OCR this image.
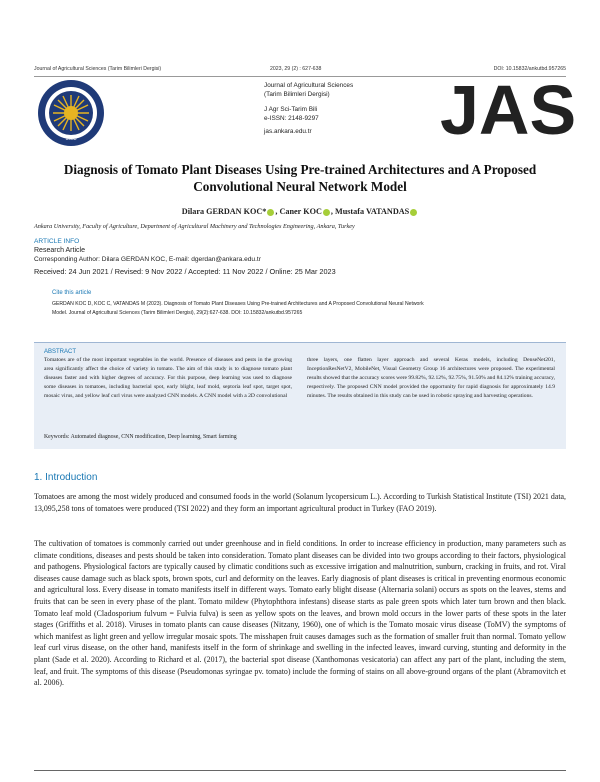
Journal of Agricultural Sciences (Tarim Bilimleri Dergisi)	2023, 29 (2) : 627-638	DOI: 10.15832/ankutbd.957265
1933
Journal of Agricultural Sciences
(Tarim Bilimleri Dergisi)
J Agr Sci-Tarim Bili
e-ISSN: 2148-9297
jas.ankara.edu.tr	JAS
Diagnosis of Tomato Plant Diseases Using Pre-trained Architectures and A Proposed Convolutional Neural Network Model
Dilara GERDAN KOC* , Caner KOC , Mustafa VATANDAS
Ankara University, Faculty of Agriculture, Department of Agricultural Machinery and Technologies Engineering, Ankara, Turkey
ARTICLE INFO
Research Article
Corresponding Author: Dilara GERDAN KOC, E-mail: dgerdan@ankara.edu.tr
Received: 24 Jun 2021 / Revised: 9 Nov 2022 / Accepted: 11 Nov 2022 / Online: 25 Mar 2023
Cite this article
GERDAN KOC D, KOC C, VATANDAS M (2023). Diagnosis of Tomato Plant Diseases Using Pre-trained Architectures and A Proposed Convolutional Neural Network
Model. Journal of Agricultural Sciences (Tarim Bilimleri Dergisi), 29(2):627-638. DOI: 10.15832/ankutbd.957265
ABSTRACT
Tomatoes are of the most important vegetables in the world. Presence of diseases and pests in the growing area significantly affect the choice of variety in tomato. The aim of this study is to diagnose tomato plant diseases faster and with higher degrees of accuracy. For this purpose, deep learning was used to diagnose some diseases in tomatoes, including bacterial spot, early blight, leaf mold, septoria leaf spot, target spot, mosaic virus, and yellow leaf curl virus were analyzed CNN models. A CNN model with a 2D convolutional
three layers, one flatten layer approach and several Keras models, including DenseNet201, InceptionResNetV2, MobileNet, Visual Geometry Group 16 architectures were proposed. The experimental results showed that the accuracy scores were 99.82%, 92.12%, 92.75%, 91.50% and 84.12% training accuracy, respectively. The proposed CNN model provided the opportunity for rapid diagnosis for approximately 14.9 minutes. The results obtained in this study can be used in robotic spraying and harvesting operations.
Keywords: Automated diagnose, CNN modification, Deep learning, Smart farming
1. Introduction
Tomatoes are among the most widely produced and consumed foods in the world (Solanum lycopersicum L.). According to Turkish Statistical Institute (TSI) 2021 data, 13,095,258 tons of tomatoes were produced (TSI 2022) and they form an important agricultural product in Turkey (FAO 2019).
The cultivation of tomatoes is commonly carried out under greenhouse and in field conditions. In order to increase efficiency in production, many parameters such as climate conditions, diseases and pests should be taken into consideration. Tomato plant diseases can be divided into two groups according to their factors, physiological and pathogens. Physiological factors are typically caused by climatic conditions such as excessive irrigation and malnutrition, sunburn, cracking in fruits, and rot. Viral diseases cause damage such as black spots, brown spots, curl and deformity on the leaves. Early diagnosis of plant diseases is critical in preventing enormous economic and agricultural loss. Every disease in tomato manifests itself in different ways. Tomato early blight disease (Alternaria solani) occurs as spots on the leaves, stems and fruits that can be seen in every phase of the plant. Tomato mildew (Phytophthora infestans) disease starts as pale green spots which later turn brown and then black. Tomato leaf mold (Cladosporium fulvum = Fulvia fulva) is seen as yellow spots on the leaves, and brown mold occurs in the lower parts of these spots in the later stages (Griffiths et al. 2018). Viruses in tomato plants can cause diseases (Nitzany, 1960), one of which is the Tomato mosaic virus disease (ToMV) the symptoms of which manifest as light green and yellow irregular mosaic spots. The misshapen fruit causes damages such as the formation of smaller fruit than normal. Tomato yellow leaf curl virus disease, on the other hand, manifests itself in the form of shrinkage and swelling in the infected leaves, inward curving, stunting and deformity in the plant (Sade et al. 2020). According to Richard et al. (2017), the bacterial spot disease (Xanthomonas vesicatoria) can affect any part of the plant, including the stem, leaf, and fruit. The symptoms of this disease (Pseudomonas syringae pv. tomato) include the forming of stains on all above-ground organs of the plant (Abramovitch et al. 2006).
